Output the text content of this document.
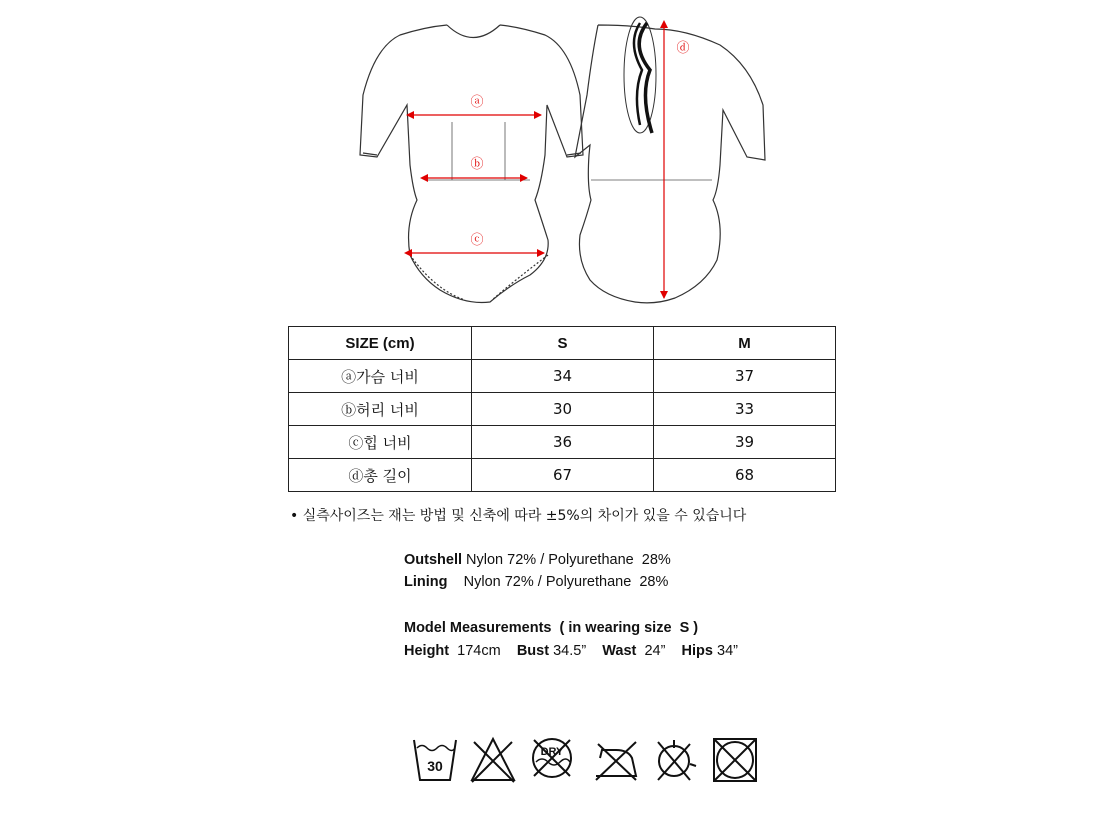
ⓐ
ⓑ
ⓒ
ⓓ
SIZE (cm)	S	M
ⓐ가슴 너비	34	37
ⓑ허리 너비	30	33
ⓒ힙 너비	36	39
ⓓ총 길이	67	68
• 실측사이즈는 재는 방법 및 신축에 따라 ±5%의 차이가 있을 수 있습니다
Outshell Nylon 72% / Polyurethane  28%
Lining Nylon 72% / Polyurethane  28%
Model Measurements  ( in wearing size  S )
Height 174cm Bust 34.5” Wast 24” Hips 34”
30
DRY
